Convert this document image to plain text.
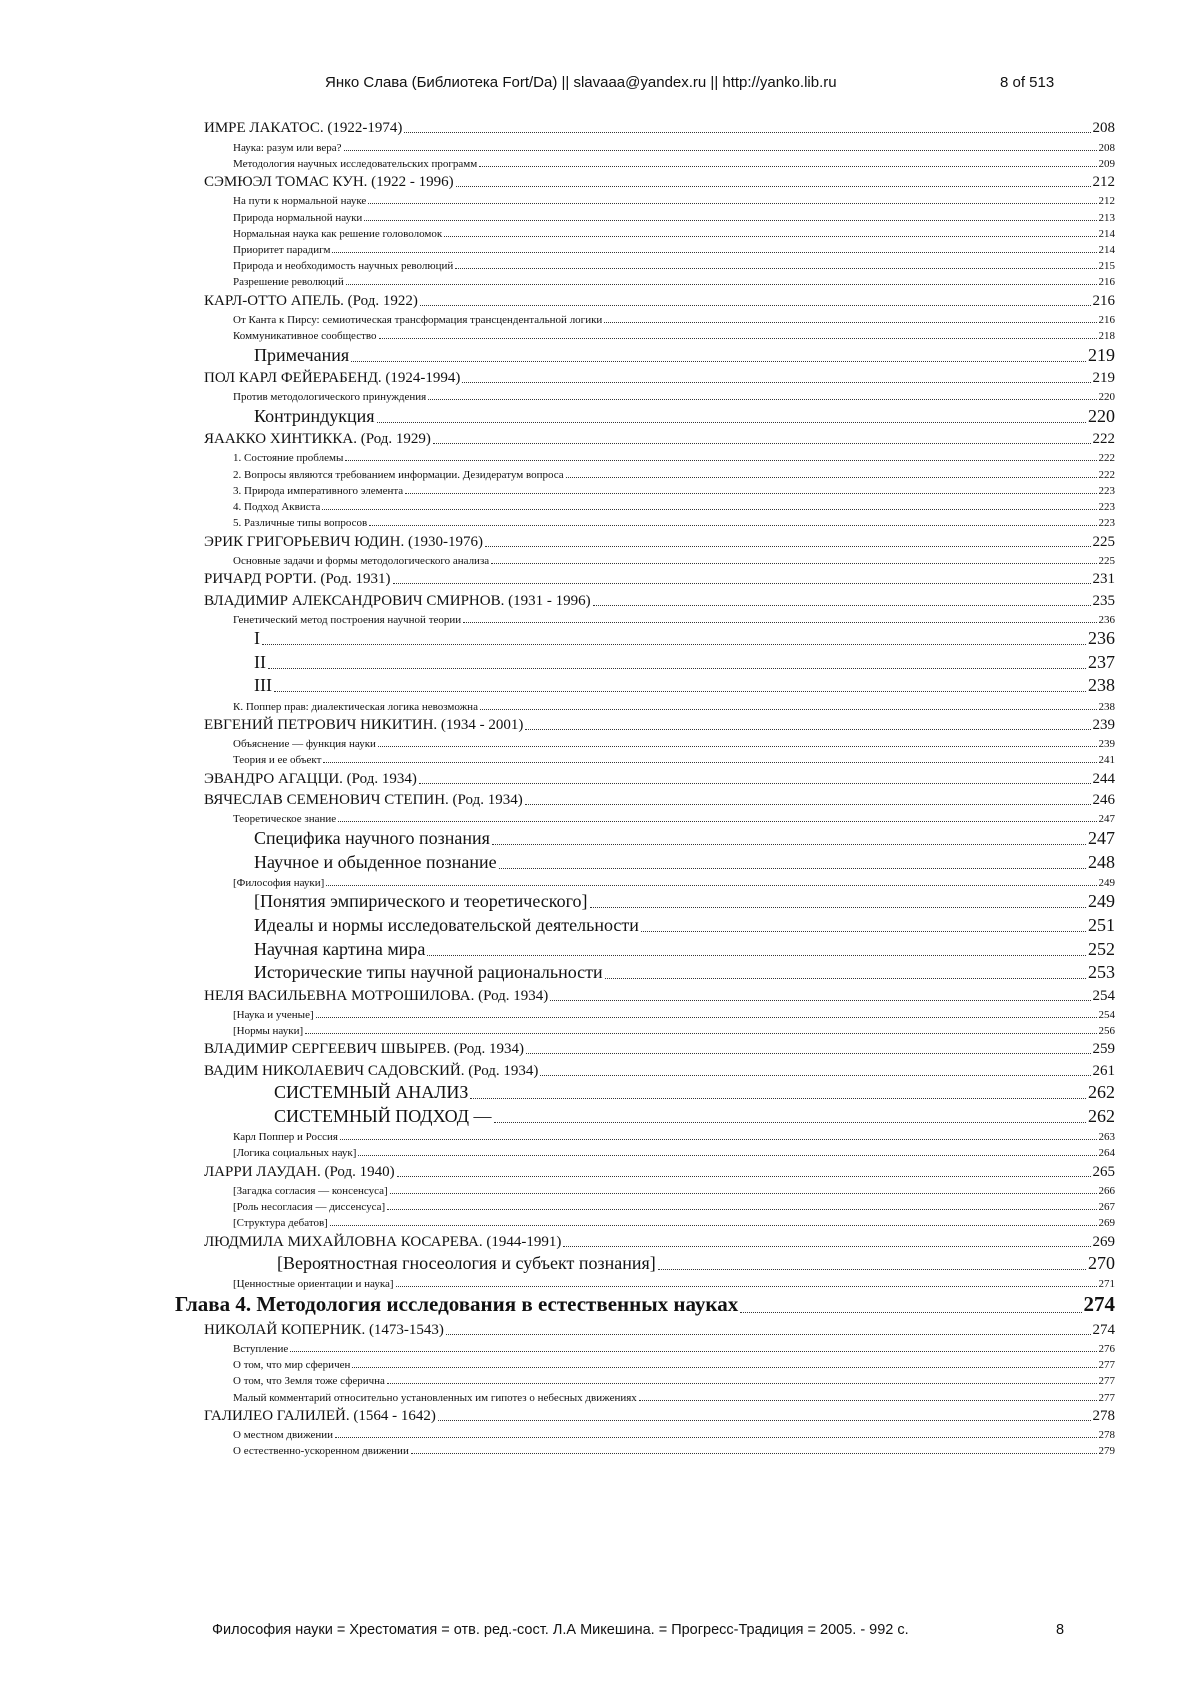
Янко Слава (Библиотека Fort/Da) || slavaaa@yandex.ru || http://yanko.lib.ru	8 of 513
ИМРЕ ЛАКАТОС. (1922-1974)	208
Наука: разум или вера?	208
Методология научных исследовательских программ	209
СЭМЮЭЛ ТОМАС КУН. (1922 - 1996)	212
На пути к нормальной науке	212
Природа нормальной науки	213
Нормальная наука как решение головоломок	214
Приоритет парадигм	214
Природа и необходимость научных революций	215
Разрешение революций	216
КАРЛ-ОТТО АПЕЛЬ. (Род. 1922)	216
От Канта к Пирсу: семиотическая трансформация трансцендентальной логики	216
Коммуникативное сообщество	218
Примечания	219
ПОЛ КАРЛ ФЕЙЕРАБЕНД. (1924-1994)	219
Против методологического принуждения	220
Контриндукция	220
ЯААККО ХИНТИККА. (Род. 1929)	222
1. Состояние проблемы	222
2. Вопросы являются требованием информации. Дезидератум вопроса	222
3. Природа императивного элемента	223
4. Подход Аквиста	223
5. Различные типы вопросов	223
ЭРИК ГРИГОРЬЕВИЧ ЮДИН. (1930-1976)	225
Основные задачи и формы методологического анализа	225
РИЧАРД РОРТИ. (Род. 1931)	231
ВЛАДИМИР АЛЕКСАНДРОВИЧ СМИРНОВ. (1931 - 1996)	235
Генетический метод построения научной теории	236
I	236
II	237
III	238
К. Поппер прав: диалектическая логика невозможна	238
ЕВГЕНИЙ ПЕТРОВИЧ НИКИТИН. (1934 - 2001)	239
Объяснение — функция науки	239
Теория и ее объект	241
ЭВАНДРО АГАЦЦИ. (Род. 1934)	244
ВЯЧЕСЛАВ СЕМЕНОВИЧ СТЕПИН. (Род. 1934)	246
Теоретическое знание	247
Специфика научного познания	247
Научное и обыденное познание	248
[Философия науки]	249
[Понятия эмпирического и теоретического]	249
Идеалы и нормы исследовательской деятельности	251
Научная картина мира	252
Исторические типы научной рациональности	253
НЕЛЯ ВАСИЛЬЕВНА МОТРОШИЛОВА. (Род. 1934)	254
[Наука и ученые]	254
[Нормы науки]	256
ВЛАДИМИР СЕРГЕЕВИЧ ШВЫРЕВ. (Род. 1934)	259
ВАДИМ НИКОЛАЕВИЧ САДОВСКИЙ. (Род. 1934)	261
СИСТЕМНЫЙ АНАЛИЗ	262
СИСТЕМНЫЙ ПОДХОД —	262
Карл Поппер и Россия	263
[Логика социальных наук]	264
ЛАРРИ ЛАУДАН. (Род. 1940)	265
[Загадка согласия — консенсуса]	266
[Роль несогласия — диссенсуса]	267
[Структура дебатов]	269
ЛЮДМИЛА МИХАЙЛОВНА КОСАРЕВА. (1944-1991)	269
[Вероятностная гносеология и субъект познания]	270
[Ценностные ориентации и наука]	271
Глава 4. Методология исследования в естественных науках	274
НИКОЛАЙ КОПЕРНИК. (1473-1543)	274
Вступление	276
О том, что мир сферичен	277
О том, что Земля тоже сферична	277
Малый комментарий относительно установленных им гипотез о небесных движениях	277
ГАЛИЛЕО ГАЛИЛЕЙ. (1564 - 1642)	278
О местном движении	278
О естественно-ускоренном движении	279
Философия науки = Хрестоматия = отв. ред.-сост. Л.А Микешина. = Прогресс-Традиция = 2005. - 992 с.	8
